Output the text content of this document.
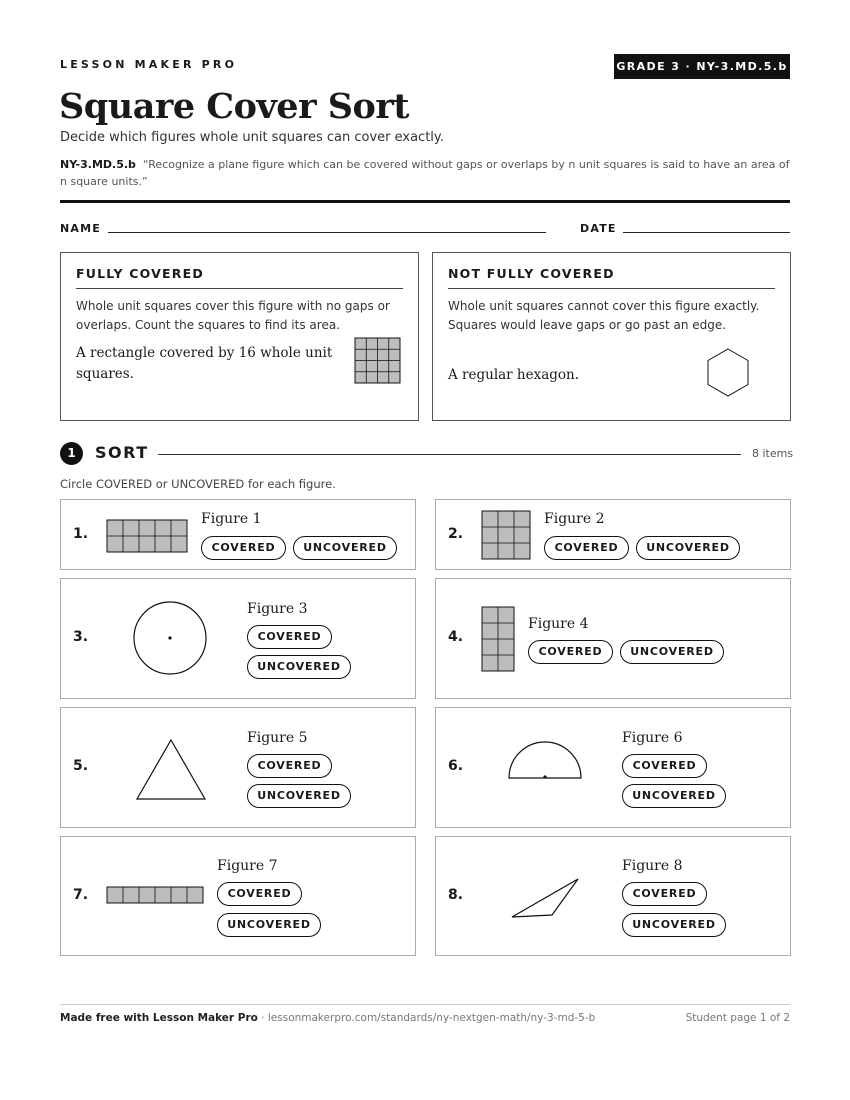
LESSON MAKER PRO	GRADE 3 · NY-3.MD.5.b
Square Cover Sort
Decide which figures whole unit squares can cover exactly.
NY-3.MD.5.b “Recognize a plane figure which can be covered without gaps or overlaps by n unit squares is said to have an area of n square units.”
NAME	DATE
FULLY COVERED
Whole unit squares cover this figure with no gaps or overlaps. Count the squares to find its area.
A rectangle covered by 16 whole unit squares.
NOT FULLY COVERED
Whole unit squares cannot cover this figure exactly. Squares would leave gaps or go past an edge.
A regular hexagon.
1	SORT	8 items
Circle COVERED or UNCOVERED for each figure.
1.
Figure 1
COVERED	UNCOVERED
2.
Figure 2
COVERED	UNCOVERED
3.
Figure 3
COVERED
UNCOVERED
4.
Figure 4
COVERED	UNCOVERED
5.
Figure 5
COVERED
UNCOVERED
6.
Figure 6
COVERED
UNCOVERED
7.
Figure 7
COVERED
UNCOVERED
8.
Figure 8
COVERED
UNCOVERED
Made free with Lesson Maker Pro · lessonmakerpro.com/standards/ny-nextgen-math/ny-3-md-5-b	Student page 1 of 2
